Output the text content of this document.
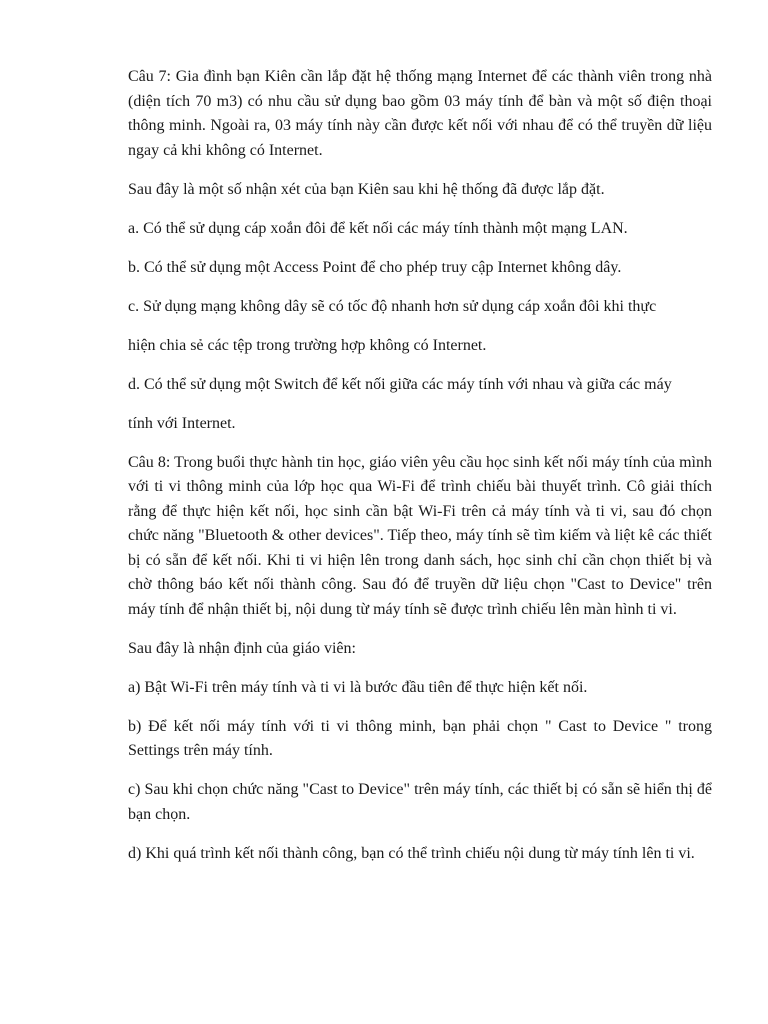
Câu 7: Gia đình bạn Kiên cần lắp đặt hệ thống mạng Internet để các thành viên trong nhà (diện tích 70 m3) có nhu cầu sử dụng bao gồm 03 máy tính để bàn và một số điện thoại thông minh. Ngoài ra, 03 máy tính này cần được kết nối với nhau để có thể truyền dữ liệu ngay cả khi không có Internet.

Sau đây là một số nhận xét của bạn Kiên sau khi hệ thống đã được lắp đặt.

a. Có thể sử dụng cáp xoắn đôi để kết nối các máy tính thành một mạng LAN.

b. Có thể sử dụng một Access Point để cho phép truy cập Internet không dây.

c. Sử dụng mạng không dây sẽ có tốc độ nhanh hơn sử dụng cáp xoắn đôi khi thực

hiện chia sẻ các tệp trong trường hợp không có Internet.

d. Có thể sử dụng một Switch để kết nối giữa các máy tính với nhau và giữa các máy

tính với Internet.

Câu 8: Trong buổi thực hành tin học, giáo viên yêu cầu học sinh kết nối máy tính của mình với ti vi thông minh của lớp học qua Wi-Fi để trình chiếu bài thuyết trình. Cô giải thích rằng để thực hiện kết nối, học sinh cần bật Wi-Fi trên cả máy tính và ti vi, sau đó chọn chức năng "Bluetooth & other devices". Tiếp theo, máy tính sẽ tìm kiếm và liệt kê các thiết bị có sẵn để kết nối. Khi ti vi hiện lên trong danh sách, học sinh chỉ cần chọn thiết bị và chờ thông báo kết nối thành công. Sau đó để truyền dữ liệu chọn "Cast to Device" trên máy tính để nhận thiết bị, nội dung từ máy tính sẽ được trình chiếu lên màn hình ti vi.

Sau đây là nhận định của giáo viên:

a) Bật Wi-Fi trên máy tính và ti vi là bước đầu tiên để thực hiện kết nối.

b) Để kết nối máy tính với ti vi thông minh, bạn phải chọn " Cast to Device " trong Settings trên máy tính.

c) Sau khi chọn chức năng "Cast to Device" trên máy tính, các thiết bị có sẵn sẽ hiển thị để bạn chọn.

d) Khi quá trình kết nối thành công, bạn có thể trình chiếu nội dung từ máy tính lên ti vi.
